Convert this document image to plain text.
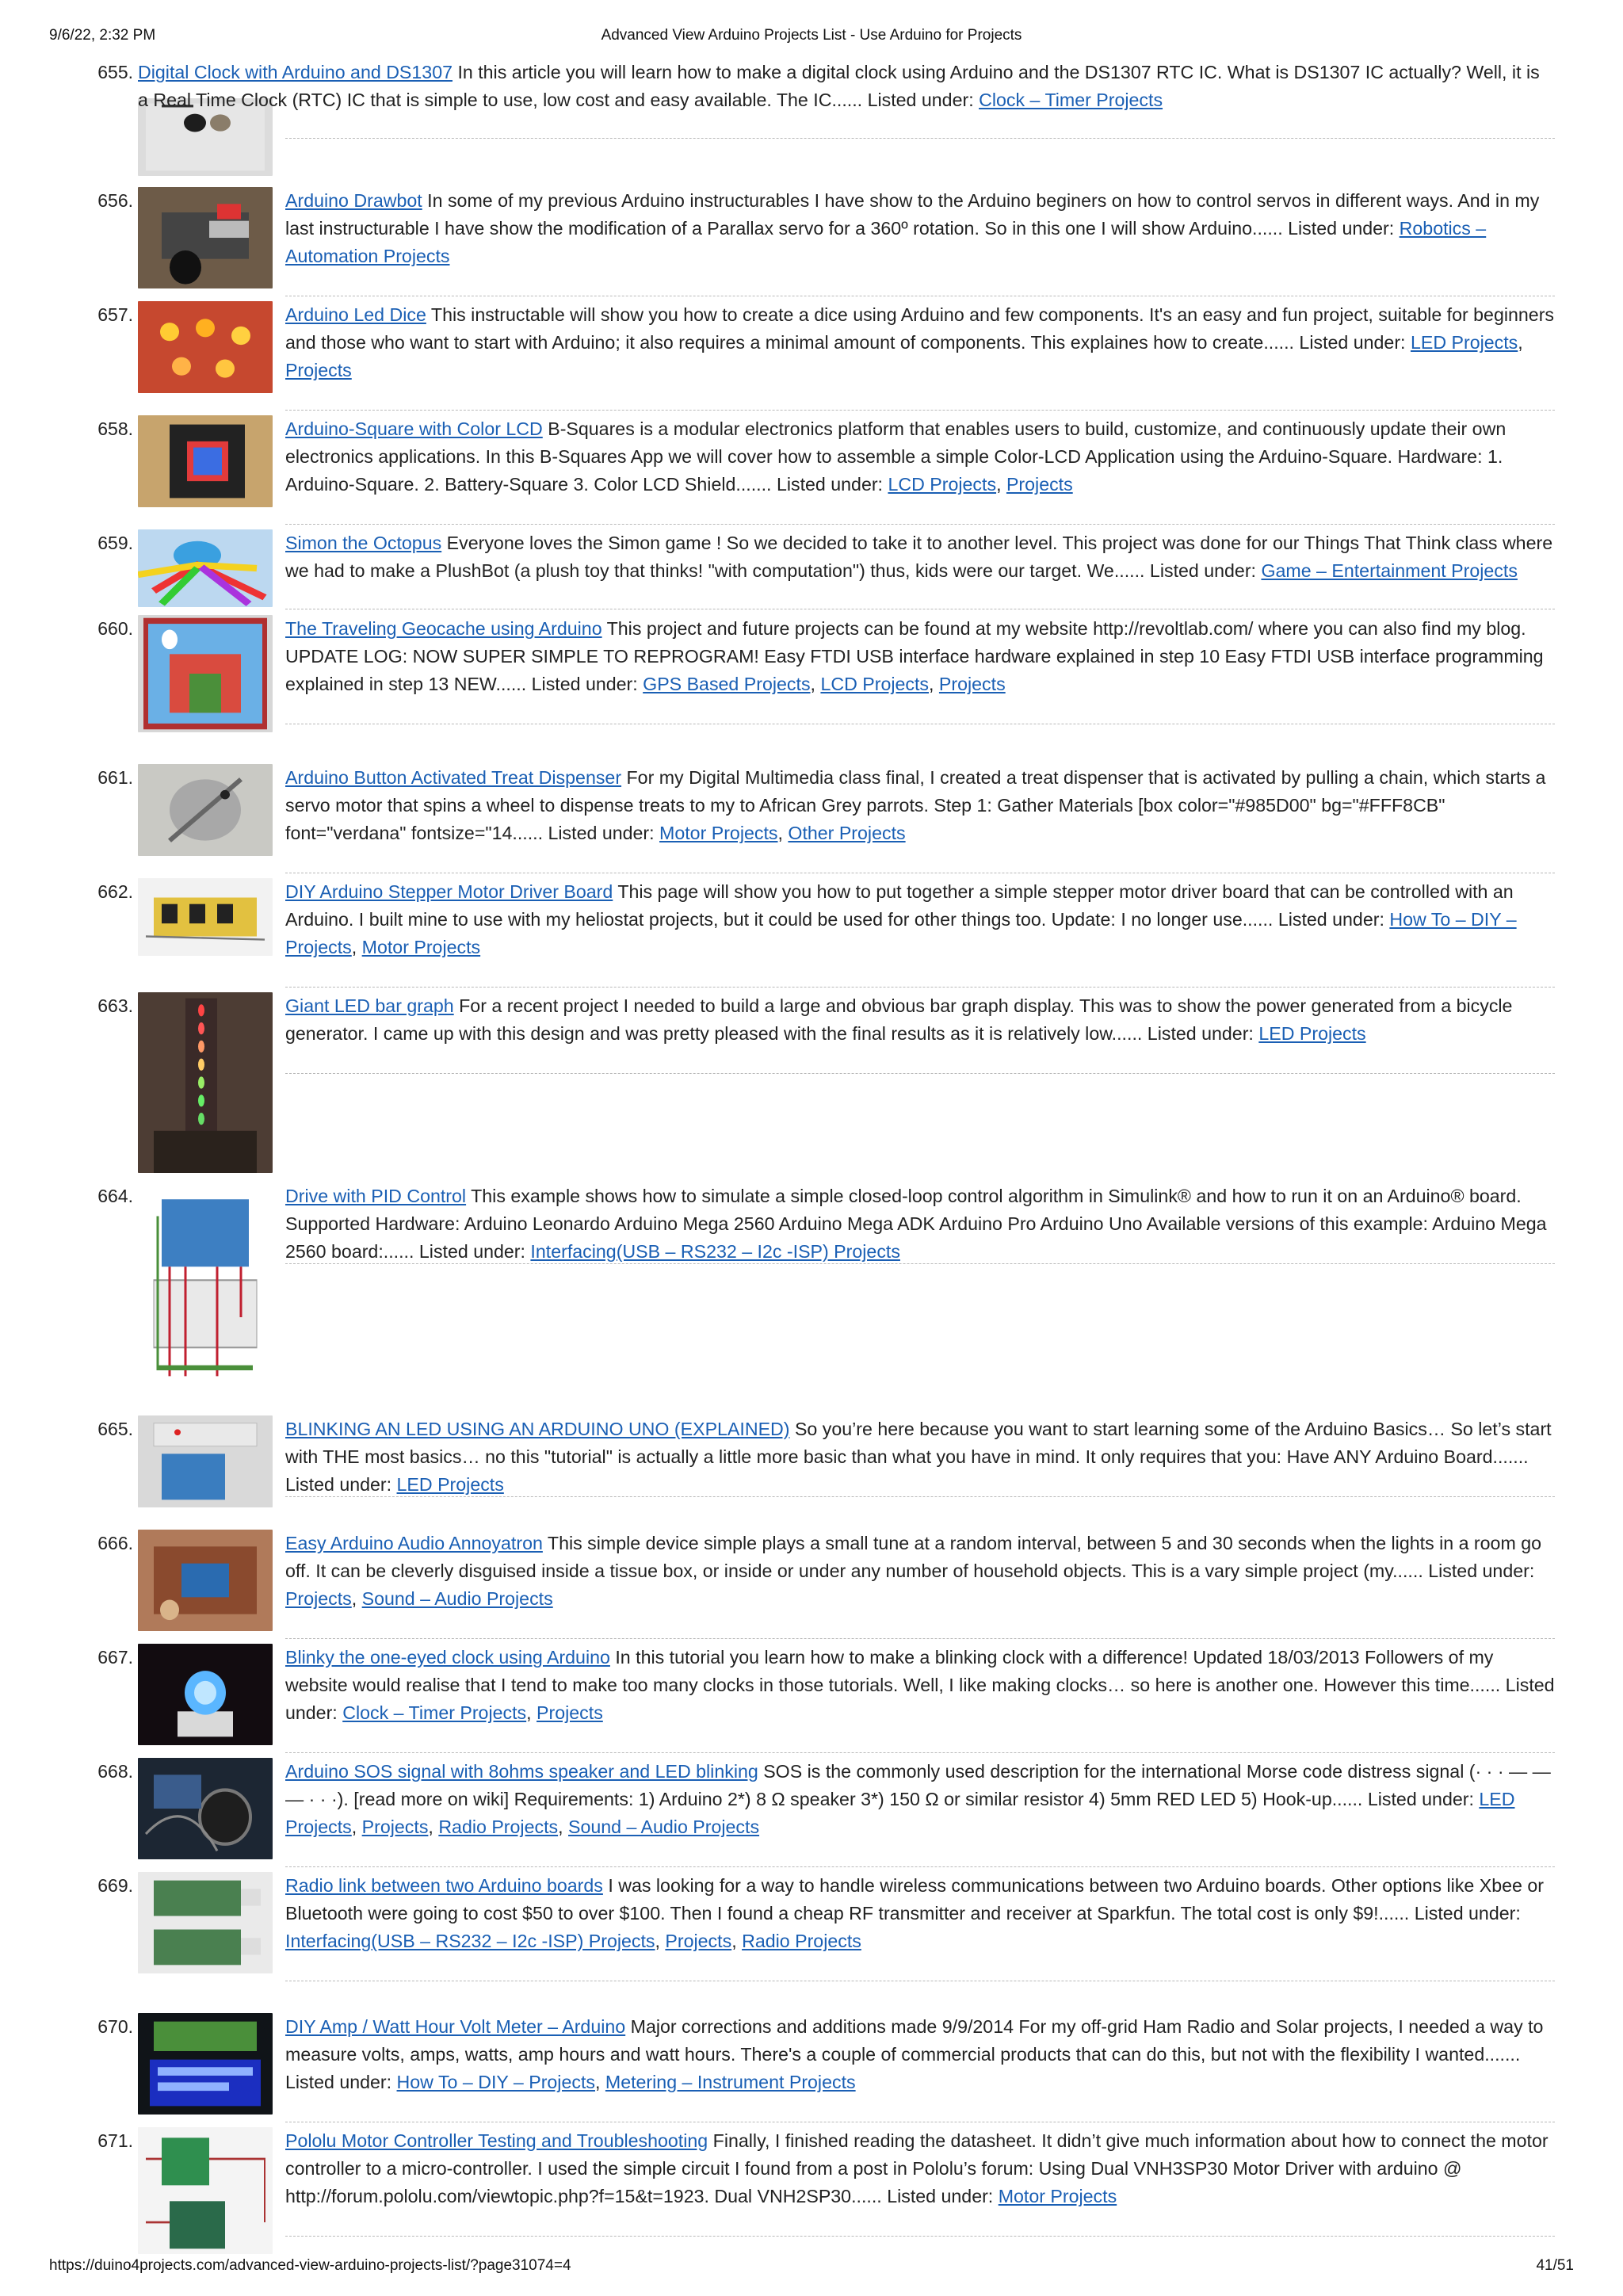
9/6/22, 2:32 PM	Advanced View Arduino Projects List - Use Arduino for Projects
655. Digital Clock with Arduino and DS1307 In this article you will learn how to make a digital clock using Arduino and the DS1307 RTC IC. What is DS1307 IC actually? Well, it is a Real Time Clock (RTC) IC that is simple to use, low cost and easy available. The IC...... Listed under: Clock – Timer Projects
656.	Arduino Drawbot In some of my previous Arduino instructurables I have show to the Arduino beginers on how to control servos in different ways. And in my last instructurable I have show the modification of a Parallax servo for a 360º rotation. So in this one I will show Arduino...... Listed under: Robotics – Automation Projects
657.	Arduino Led Dice This instructable will show you how to create a dice using Arduino and few components. It's an easy and fun project, suitable for beginners and those who want to start with Arduino; it also requires a minimal amount of components. This explaines how to create...... Listed under: LED Projects, Projects
658.	Arduino-Square with Color LCD B-Squares is a modular electronics platform that enables users to build, customize, and continuously update their own electronics applications. In this B-Squares App we will cover how to assemble a simple Color-LCD Application using the Arduino-Square. Hardware: 1. Arduino-Square. 2. Battery-Square 3. Color LCD Shield....... Listed under: LCD Projects, Projects
659.	Simon the Octopus Everyone loves the Simon game ! So we decided to take it to another level. This project was done for our Things That Think class where we had to make a PlushBot (a plush toy that thinks! "with computation") thus, kids were our target. We...... Listed under: Game – Entertainment Projects
660.	The Traveling Geocache using Arduino This project and future projects can be found at my website http://revoltlab.com/ where you can also find my blog. UPDATE LOG: NOW SUPER SIMPLE TO REPROGRAM! Easy FTDI USB interface hardware explained in step 10 Easy FTDI USB interface programming explained in step 13 NEW...... Listed under: GPS Based Projects, LCD Projects, Projects
661.	Arduino Button Activated Treat Dispenser For my Digital Multimedia class final, I created a treat dispenser that is activated by pulling a chain, which starts a servo motor that spins a wheel to dispense treats to my to African Grey parrots. Step 1: Gather Materials [box color="#985D00" bg="#FFF8CB" font="verdana" fontsize="14...... Listed under: Motor Projects, Other Projects
662.	DIY Arduino Stepper Motor Driver Board This page will show you how to put together a simple stepper motor driver board that can be controlled with an Arduino. I built mine to use with my heliostat projects, but it could be used for other things too. Update: I no longer use...... Listed under: How To – DIY – Projects, Motor Projects
663.	Giant LED bar graph For a recent project I needed to build a large and obvious bar graph display. This was to show the power generated from a bicycle generator. I came up with this design and was pretty pleased with the final results as it is relatively low...... Listed under: LED Projects
664.	Drive with PID Control This example shows how to simulate a simple closed-loop control algorithm in Simulink® and how to run it on an Arduino® board. Supported Hardware: Arduino Leonardo Arduino Mega 2560 Arduino Mega ADK Arduino Pro Arduino Uno Available versions of this example: Arduino Mega 2560 board:...... Listed under: Interfacing(USB – RS232 – I2c -ISP) Projects
665.	BLINKING AN LED USING AN ARDUINO UNO (EXPLAINED) So you’re here because you want to start learning some of the Arduino Basics… So let’s start with THE most basics… no this "tutorial" is actually a little more basic than what you have in mind. It only requires that you: Have ANY Arduino Board....... Listed under: LED Projects
666.	Easy Arduino Audio Annoyatron This simple device simple plays a small tune at a random interval, between 5 and 30 seconds when the lights in a room go off. It can be cleverly disguised inside a tissue box, or inside or under any number of household objects. This is a vary simple project (my...... Listed under: Projects, Sound – Audio Projects
667.	Blinky the one-eyed clock using Arduino In this tutorial you learn how to make a blinking clock with a difference! Updated 18/03/2013 Followers of my website would realise that I tend to make too many clocks in those tutorials. Well, I like making clocks… so here is another one. However this time...... Listed under: Clock – Timer Projects, Projects
668.	Arduino SOS signal with 8ohms speaker and LED blinking SOS is the commonly used description for the international Morse code distress signal (· · · — — — · · ·). [read more on wiki] Requirements: 1) Arduino 2*) 8 Ω speaker 3*) 150 Ω or similar resistor 4) 5mm RED LED 5) Hook-up...... Listed under: LED Projects, Projects, Radio Projects, Sound – Audio Projects
669.	Radio link between two Arduino boards I was looking for a way to handle wireless communications between two Arduino boards. Other options like Xbee or Bluetooth were going to cost $50 to over $100. Then I found a cheap RF transmitter and receiver at Sparkfun. The total cost is only $9!...... Listed under: Interfacing(USB – RS232 – I2c -ISP) Projects, Projects, Radio Projects
670.	DIY Amp / Watt Hour Volt Meter – Arduino Major corrections and additions made 9/9/2014 For my off-grid Ham Radio and Solar projects, I needed a way to measure volts, amps, watts, amp hours and watt hours. There's a couple of commercial products that can do this, but not with the flexibility I wanted....... Listed under: How To – DIY – Projects, Metering – Instrument Projects
671.	Pololu Motor Controller Testing and Troubleshooting Finally, I finished reading the datasheet. It didn’t give much information about how to connect the motor controller to a micro-controller. I used the simple circuit I found from a post in Pololu’s forum: Using Dual VNH3SP30 Motor Driver with arduino @ http://forum.pololu.com/viewtopic.php?f=15&t=1923. Dual VNH2SP30...... Listed under: Motor Projects
https://duino4projects.com/advanced-view-arduino-projects-list/?page31074=4	41/51
